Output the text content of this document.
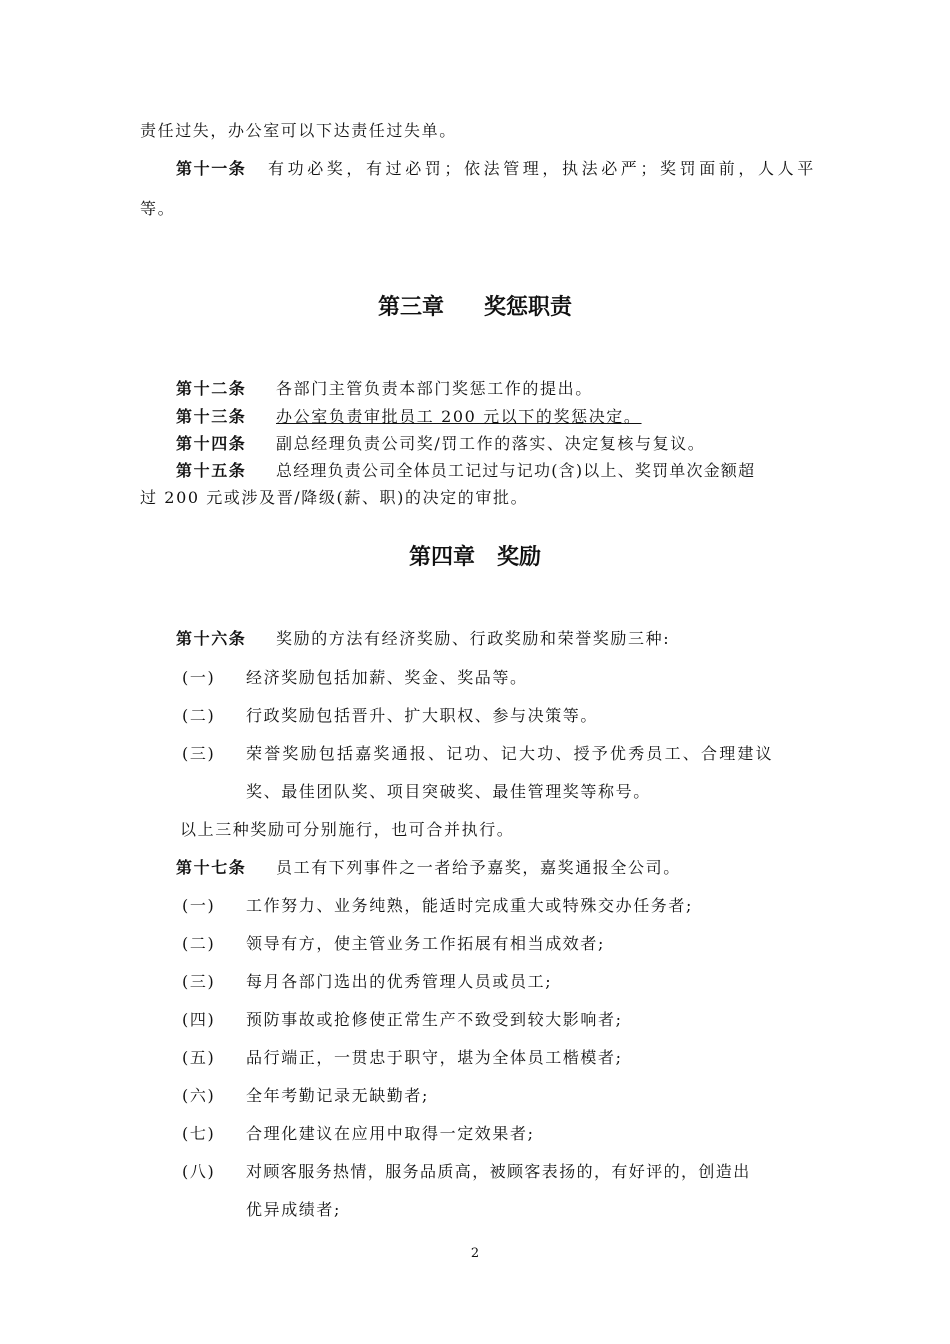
责任过失，办公室可以下达责任过失单。
第十一条 有功必奖，有过必罚；依法管理，执法必严；奖罚面前，人人平
等。
第三章 奖惩职责
第十二条 各部门主管负责本部门奖惩工作的提出。
第十三条 办公室负责审批员工 200 元以下的奖惩决定。
第十四条 副总经理负责公司奖/罚工作的落实、决定复核与复议。
第十五条 总经理负责公司全体员工记过与记功(含)以上、奖罚单次金额超
过 200 元或涉及晋/降级(薪、职)的决定的审批。
第四章 奖励
第十六条 奖励的方法有经济奖励、行政奖励和荣誉奖励三种:
(一) 经济奖励包括加薪、奖金、奖品等。
(二) 行政奖励包括晋升、扩大职权、参与决策等。
(三) 荣誉奖励包括嘉奖通报、记功、记大功、授予优秀员工、合理建议
奖、最佳团队奖、项目突破奖、最佳管理奖等称号。
以上三种奖励可分别施行，也可合并执行。
第十七条 员工有下列事件之一者给予嘉奖，嘉奖通报全公司。
(一) 工作努力、业务纯熟，能适时完成重大或特殊交办任务者;
(二) 领导有方，使主管业务工作拓展有相当成效者;
(三) 每月各部门选出的优秀管理人员或员工;
(四) 预防事故或抢修使正常生产不致受到较大影响者;
(五) 品行端正，一贯忠于职守，堪为全体员工楷模者;
(六) 全年考勤记录无缺勤者;
(七) 合理化建议在应用中取得一定效果者;
(八) 对顾客服务热情，服务品质高，被顾客表扬的，有好评的，创造出
优异成绩者;
2
